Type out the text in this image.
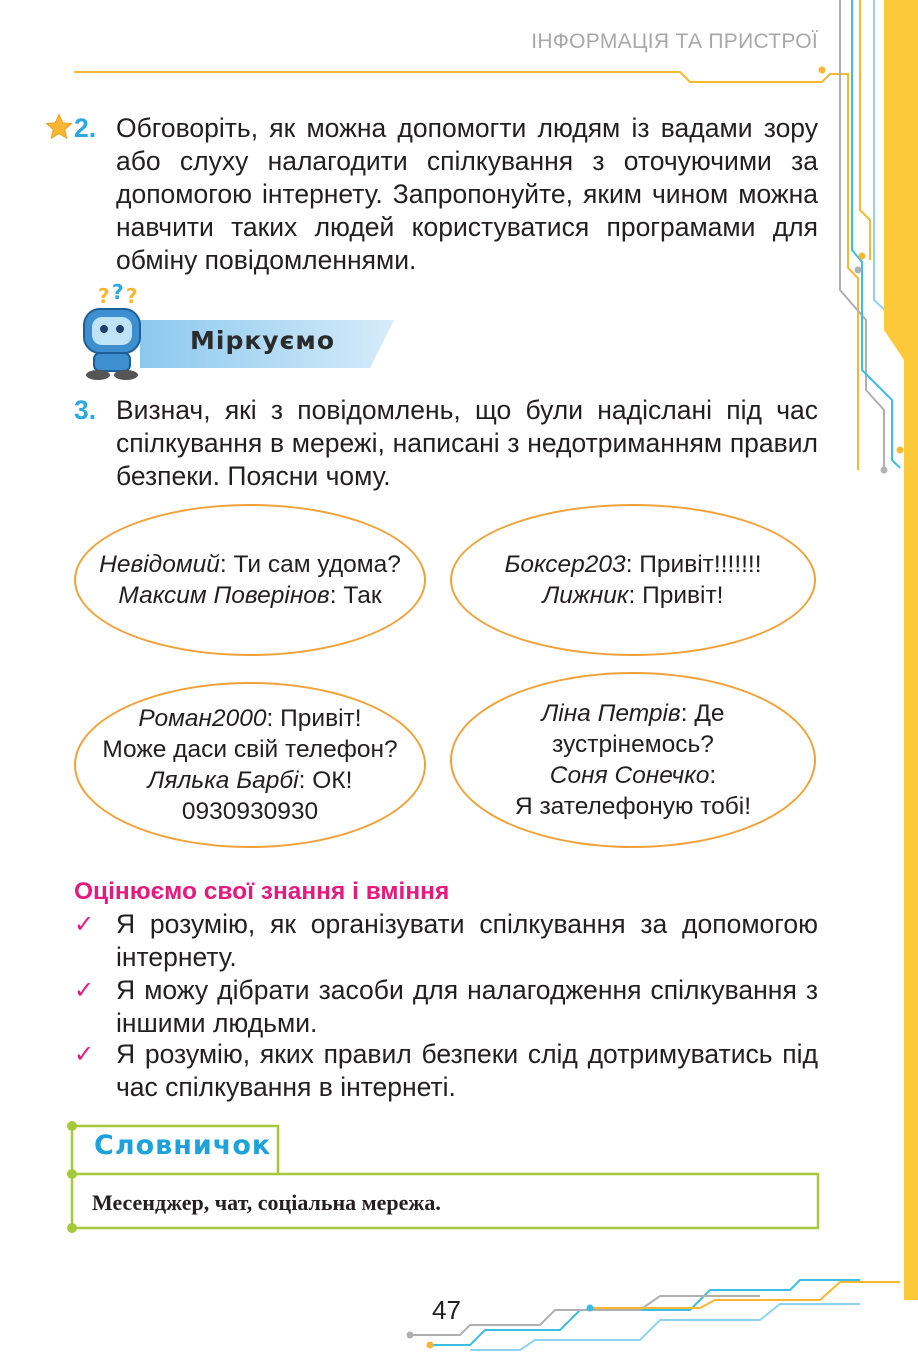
ІНФОРМАЦІЯ ТА ПРИСТРОЇ
2. Обговоріть, як можна допомогти людям із вадами зору або слуху налагодити спілкування з оточуючими за допомогою інтернету. Запропонуйте, яким чином можна навчити таких людей користуватися програмами для обміну повідомленнями.
? ? ?
Міркуємо
3. Визнач, які з повідомлень, що були надіслані під час спілкування в мережі, написані з недотриманням правил безпеки. Поясни чому.
Невідомий: Ти сам удома?
Максим Поверінов: Так
Боксер203: Привіт!!!!!!!
Лижник: Привіт!
Роман2000: Привіт!
Може даси свій телефон?
Лялька Барбі: ОК!
0930930930
Ліна Петрів: Де
зустрінемось?
Соня Сонечко:
Я зателефоную тобі!
Оцінюємо свої знання і вміння
✓ Я розумію, як організувати спілкування за допомогою інтернету.
✓ Я можу дібрати засоби для налагодження спілкування з іншими людьми.
✓ Я розумію, яких правил безпеки слід дотримуватись під час спілкування в інтернеті.
Словничок
Месенджер, чат, соціальна мережа.
47
